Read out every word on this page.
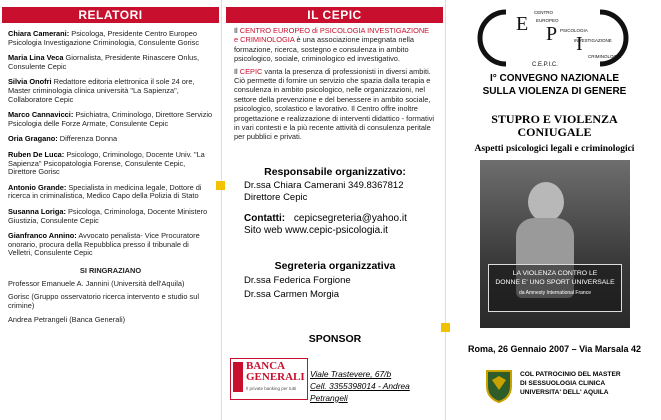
RELATORI
Chiara Camerani: Psicologa, Presidente Centro Europeo Psicologia Investigazione Criminologia, Consulente Gorisc
Maria Lina Veca Giornalista, Presidente Rinascere Onlus, Consulente Cepic
Silvia Onofri Redattore editoria elettronica il sole 24 ore, Master criminologia clinica università "La Sapienza", Collaboratore Cepic
Marco Cannavicci: Psichiatra, Criminologo, Direttore Servizio Psicologia delle Forze Armate, Consulente Cepic
Oria Gragano: Differenza Donna
Ruben De Luca: Psicologo, Criminologo, Docente Univ. "La Sapienza" Psicopatologia Forense, Consulente Cepic, Direttore Gorisc
Antonio Grande: Specialista in medicina legale, Dottore di ricerca in criminalistica, Medico Capo della Polizia di Stato
Susanna Loriga: Psicologa, Criminologa, Docente Ministero Giustizia, Consulente Cepic
Gianfranco Annino: Avvocato penalista- Vice Procuratore onorario, procura della Repubblica presso il tribunale di Velletri, Consulente Cepic
SI RINGRAZIANO
Professor Emanuele A. Jannini (Università dell'Aquila)
Gorisc (Gruppo osservatorio ricerca intervento e studio sul crimine)
Andrea Petrangeli (Banca Generali)
IL CEPIC
Il CENTRO EUROPEO di PSICOLOGIA INVESTIGAZIONE e CRIMINOLOGIA è una associazione impegnata nella formazione, ricerca, sostegno e consulenza in ambito psicologico, sociale, criminologico ed investigativo.
Il CEPIC vanta la presenza di professionisti in diversi ambiti. Ciò permette di fornire un servizio che spazia dalla terapia e consulenza in ambito psicologico, nelle organizzazioni, nel settore della prevenzione e del benessere in ambito sociale, psicologico, scolastico e lavorativo. Il Centro offre inoltre progettazione e realizzazione di interventi didattico - formativi in vari contesti e la più recente attività di consulenza peritale per pubblici e privati.
Responsabile organizzativo:
Dr.ssa Chiara Camerani 349.8367812
Direttore Cepic
Contatti: cepicsegreteria@yahoo.it
Sito web www.cepic-psicologia.it
Segreteria organizzativa
Dr.ssa Federica Forgione
Dr.ssa Carmen Morgia
SPONSOR
BANCA
GENERALI
Il private banking per tutti
Viale Trastevere, 67/b
Cell. 3355398014 - Andrea Petrangeli
E P I
CENTRO
EUROPEO
PSICOLOGIA
INVESTIGAZIONE
CRIMINOLOGIA
C.E.P.I.C.
I° CONVEGNO NAZIONALE
SULLA VIOLENZA DI GENERE
STUPRO E VIOLENZA
CONIUGALE
Aspetti psicologici legali e criminologici
LA VIOLENZA CONTRO LE
DONNE E' UNO SPORT UNIVERSALE
da Amnesty International France
Roma, 26 Gennaio 2007 – Via Marsala 42
COL PATROCINIO DEL MASTER
DI SESSUOLOGIA CLINICA
UNIVERSITA' DELL' AQUILA
